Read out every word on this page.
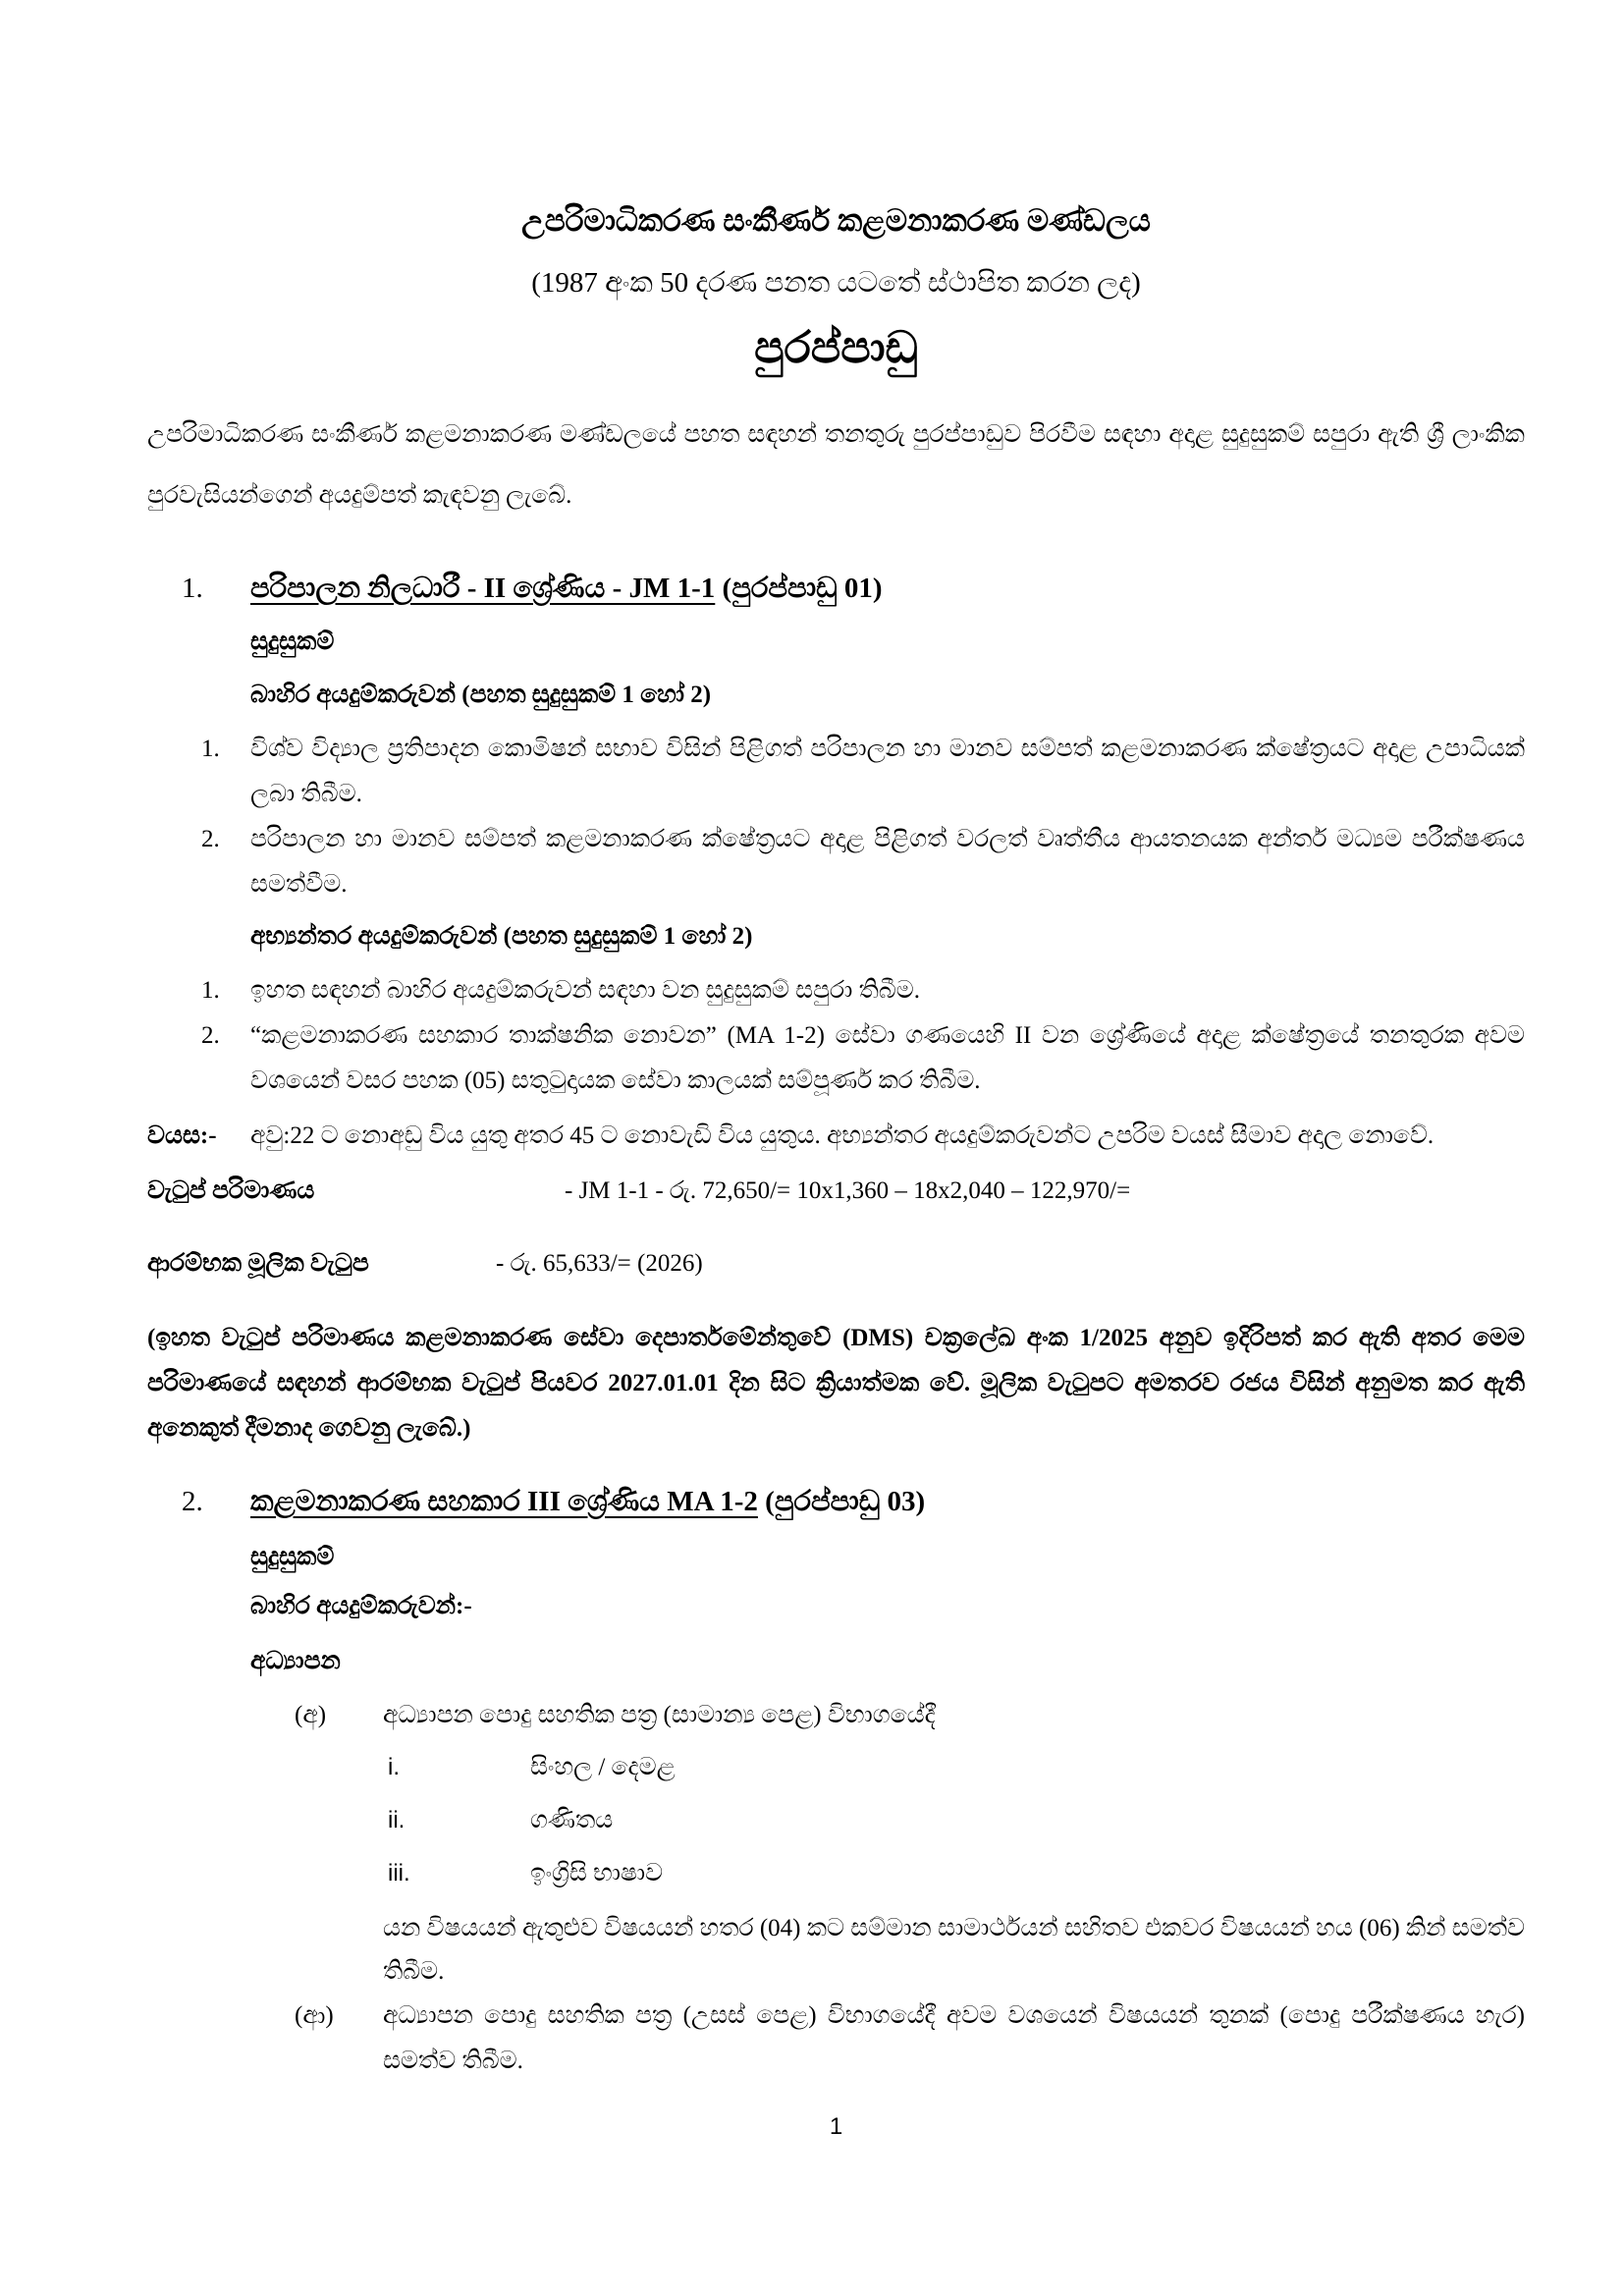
උපරිමාධිකරණ සංකීර්ණ කළමනාකරණ මණ්ඩලය
(1987 අංක 50 දරණ පනත යටතේ ස්ථාපිත කරන ලද)
පුරප්පාඩු

උපරිමාධිකරණ සංකීර්ණ කළමනාකරණ මණ්ඩලයේ පහත සඳහන් තනතුරු පුරප්පාඩුව පිරවීම සඳහා අදාළ සුදුසුකම් සපුරා ඇති ශ්‍රී ලාංකික පුරවැසියන්ගෙන් අයදුම්පත් කැඳවනු ලැබේ.

1.	පරිපාලන නිලධාරී - II ශ්‍රේණිය - JM 1-1 (පුරප්පාඩු 01)
සුදුසුකම්
බාහිර අයදුම්කරුවන් (පහත සුදුසුකම් 1 හෝ 2)
1.	විශ්ව විද්‍යාල ප්‍රතිපාදන කොමිෂන් සභාව විසින් පිළිගත් පරිපාලන හා මානව සම්පත් කළමනාකරණ ක්ෂේත්‍රයට අදාළ උපාධියක් ලබා තිබීම.
2.	පරිපාලන හා මානව සම්පත් කළමනාකරණ ක්ෂේත්‍රයට අදාළ පිළිගත් වරලත් වෘත්තීය ආයතනයක අන්තර් මධ්‍යම පරීක්ෂණය සමත්වීම.
අභ්‍යන්තර අයදුම්කරුවන් (පහත සුදුසුකම් 1 හෝ 2)
1.	ඉහත සඳහන් බාහිර අයදුම්කරුවන් සඳහා වන සුදුසුකම් සපුරා තිබීම.
2.	“කළමනාකරණ සහකාර තාක්ෂනික නොවන” (MA 1-2) සේවා ගණයෙහි II වන ශ්‍රේණියේ අදාළ ක්ෂේත්‍රයේ තනතුරක අවම වශයෙන් වසර පහක (05) සතුටුදායක සේවා කාලයක් සම්පූර්ණ කර තිබීම.
වයස:-	අවු:22 ට නොඅඩු විය යුතු අතර 45 ට නොවැඩි විය යුතුය. අභ්‍යන්තර අයදුම්කරුවන්ට උපරිම වයස් සීමාව අදාල නොවේ.
වැටුප් පරිමාණය	- JM 1-1 - රු. 72,650/= 10x1,360 – 18x2,040 – 122,970/=
ආරම්භක මූලික වැටුප	- රු. 65,633/= (2026)

(ඉහත වැටුප් පරිමාණය කළමනාකරණ සේවා දෙපාර්තමේන්තුවේ (DMS) චක්‍රලේඛ අංක 1/2025 අනුව ඉදිරිපත් කර ඇති අතර මෙම පරිමාණයේ සඳහන් ආරම්භක වැටුප් පියවර 2027.01.01 දින සිට ක්‍රියාත්මක වේ. මූලික වැටුපට අමතරව රජය විසින් අනුමත කර ඇති අනෙකුත් දීමනාද ගෙවනු ලැබේ.)

2.	කළමනාකරණ සහකාර III ශ්‍රේණිය MA 1-2 (පුරප්පාඩු 03)
සුදුසුකම්
බාහිර අයදුම්කරුවන්:-
අධ්‍යාපන
(අ)	අධ්‍යාපන පොදු සහතික පත්‍ර (සාමාන්‍ය පෙළ) විභාගයේදී
i.	සිංහල / දෙමළ
ii.	ගණිතය
iii.	ඉංග්‍රිසි භාෂාව

යන විෂයයන් ඇතුළුව විෂයයන් හතර (04) කට සම්මාන සාමාර්ථයන් සහිතව එකවර විෂයයන් හය (06) කින් සමත්ව තිබීම.

(ආ)	අධ්‍යාපන පොදු සහතික පත්‍ර (උසස් පෙළ) විභාගයේදී අවම වශයෙන් විෂයයන් තුනක් (පොදු පරීක්ෂණය හැර) සමත්ව තිබීම.
1
